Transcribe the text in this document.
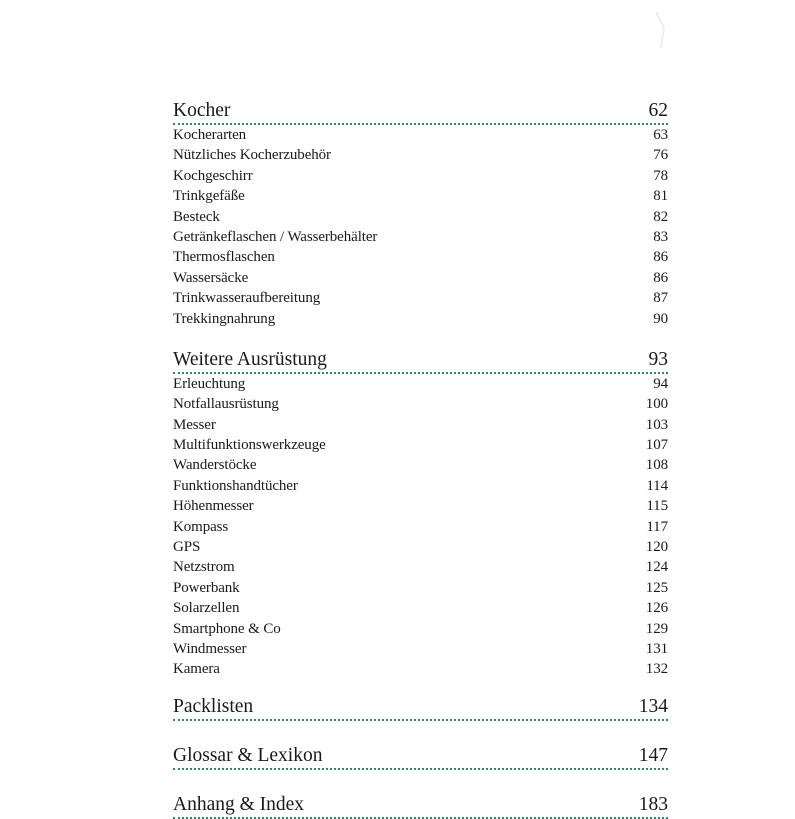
Kocher	62
Kocherarten	63
Nützliches Kocherzubehör	76
Kochgeschirr	78
Trinkgefäße	81
Besteck	82
Getränkeflaschen / Wasserbehälter	83
Thermosflaschen	86
Wassersäcke	86
Trinkwasseraufbereitung	87
Trekkingnahrung	90
Weitere Ausrüstung	93
Erleuchtung	94
Notfallausrüstung	100
Messer	103
Multifunktionswerkzeuge	107
Wanderstöcke	108
Funktionshandtücher	114
Höhenmesser	115
Kompass	117
GPS	120
Netzstrom	124
Powerbank	125
Solarzellen	126
Smartphone & Co	129
Windmesser	131
Kamera	132
Packlisten	134
Glossar & Lexikon	147
Anhang & Index	183
